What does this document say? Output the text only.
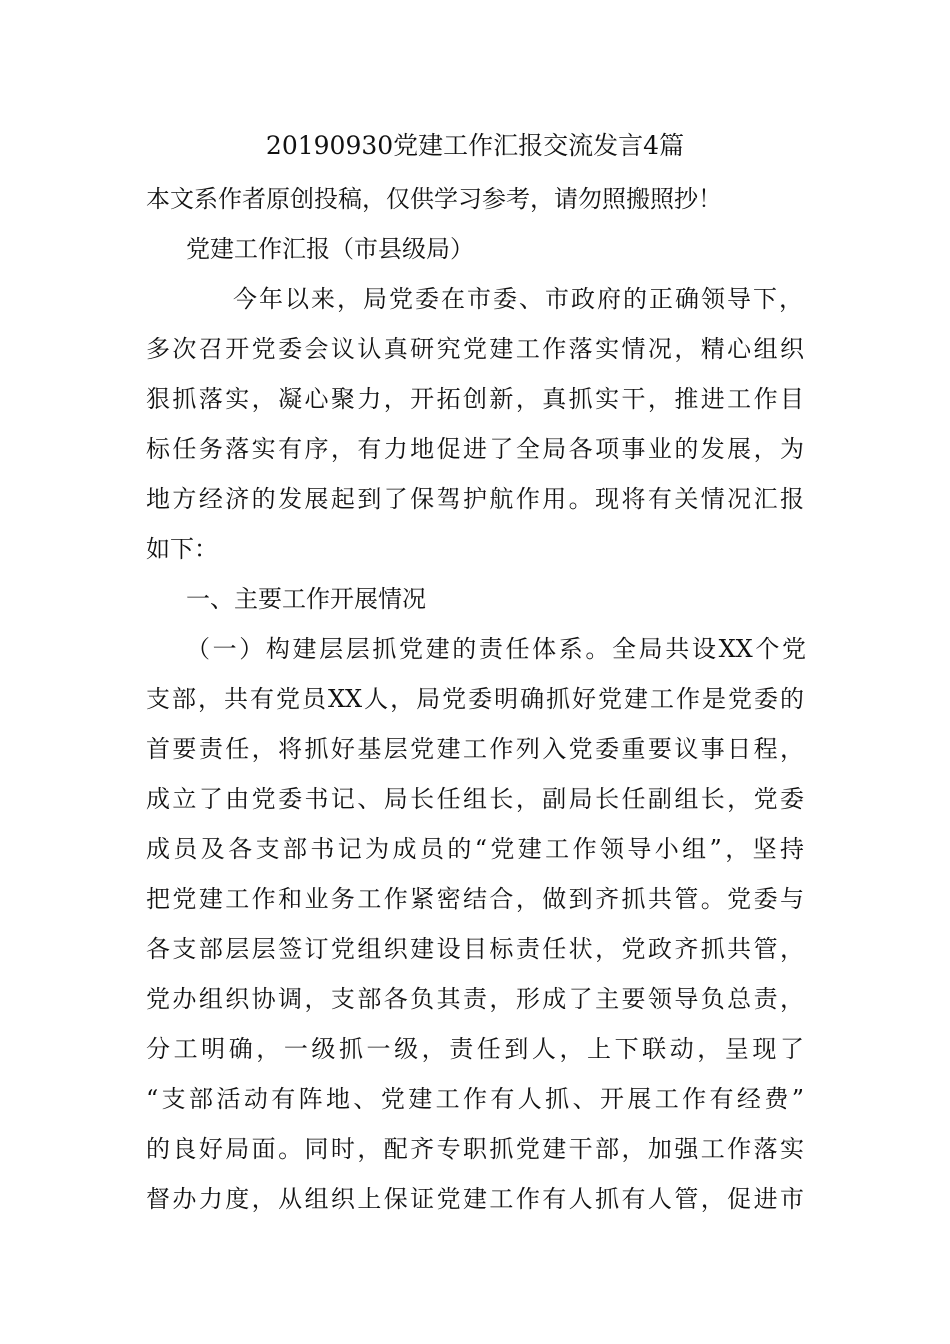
20190930党建工作汇报交流发言4篇
本文系作者原创投稿，仅供学习参考，请勿照搬照抄！
党建工作汇报（市县级局）
今年以来，局党委在市委、市政府的正确领导下，
多次召开党委会议认真研究党建工作落实情况，精心组织
狠抓落实，凝心聚力，开拓创新，真抓实干，推进工作目
标任务落实有序，有力地促进了全局各项事业的发展，为
地方经济的发展起到了保驾护航作用。现将有关情况汇报
如下：
一、主要工作开展情况
（一）构建层层抓党建的责任体系。全局共设XX个党
支部，共有党员XX人，局党委明确抓好党建工作是党委的
首要责任，将抓好基层党建工作列入党委重要议事日程，
成立了由党委书记、局长任组长，副局长任副组长，党委
成员及各支部书记为成员的“党建工作领导小组”，坚持
把党建工作和业务工作紧密结合，做到齐抓共管。党委与
各支部层层签订党组织建设目标责任状，党政齐抓共管，
党办组织协调，支部各负其责，形成了主要领导负总责，
分工明确，一级抓一级，责任到人，上下联动，呈现了
“支部活动有阵地、党建工作有人抓、开展工作有经费”
的良好局面。同时，配齐专职抓党建干部，加强工作落实
督办力度，从组织上保证党建工作有人抓有人管，促进市
